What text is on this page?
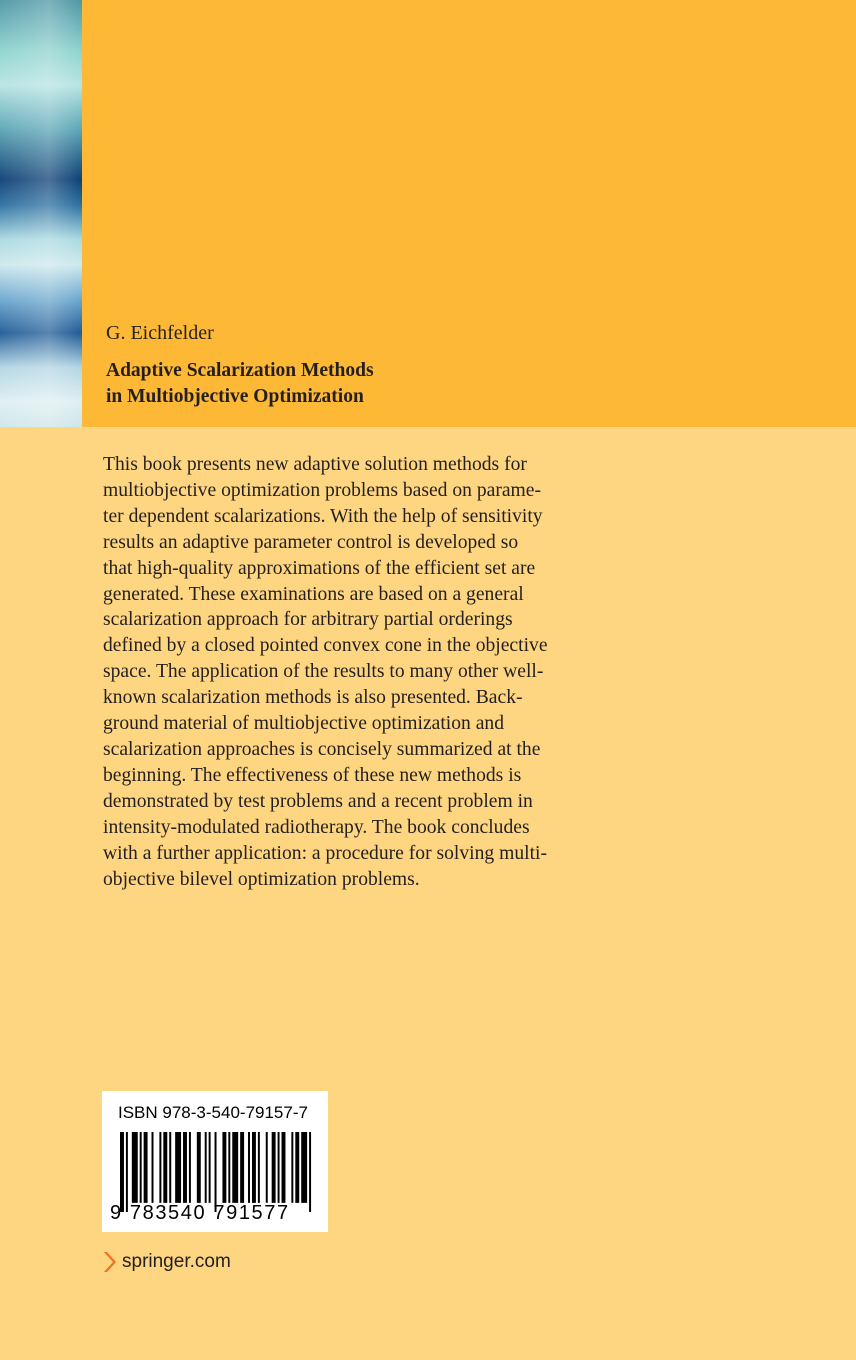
G. Eichfelder

Adaptive Scalarization Methods
in Multiobjective Optimization

This book presents new adaptive solution methods for
multiobjective optimization problems based on parame-
ter dependent scalarizations. With the help of sensitivity
results an adaptive parameter control is developed so
that high-quality approximations of the efficient set are
generated. These examinations are based on a general
scalarization approach for arbitrary partial orderings
defined by a closed pointed convex cone in the objective
space. The application of the results to many other well-
known scalarization methods is also presented. Back-
ground material of multiobjective optimization and
scalarization approaches is concisely summarized at the
beginning. The effectiveness of these new methods is
demonstrated by test problems and a recent problem in
intensity-modulated radiotherapy. The book concludes
with a further application: a procedure for solving multi-
objective bilevel optimization problems.

ISBN 978-3-540-79157-7
9 783540 791577
springer.com
